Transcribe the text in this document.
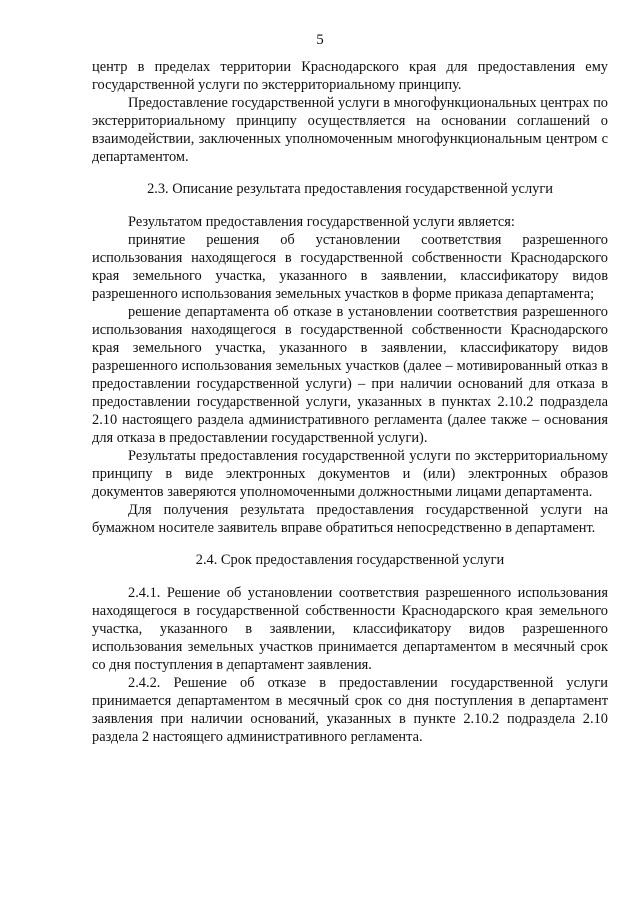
5

центр в пределах территории Краснодарского края для предоставления ему государственной услуги по экстерриториальному принципу.

Предоставление государственной услуги в многофункциональных центрах по экстерриториальному принципу осуществляется на основании соглашений о взаимодействии, заключенных уполномоченным многофункциональным центром с департаментом.

2.3. Описание результата предоставления государственной услуги

Результатом предоставления государственной услуги является:

принятие решения об установлении соответствия разрешенного использования находящегося в государственной собственности Краснодарского края земельного участка, указанного в заявлении, классификатору видов разрешенного использования земельных участков в форме приказа департамента;

решение департамента об отказе в установлении соответствия разрешенного использования находящегося в государственной собственности Краснодарского края земельного участка, указанного в заявлении, классификатору видов разрешенного использования земельных участков (далее – мотивированный отказ в предоставлении государственной услуги) – при наличии оснований для отказа в предоставлении государственной услуги, указанных в пунктах 2.10.2 подраздела 2.10 настоящего раздела административного регламента (далее также – основания для отказа в предоставлении государственной услуги).

Результаты предоставления государственной услуги по экстерриториальному принципу в виде электронных документов и (или) электронных образов документов заверяются уполномоченными должностными лицами департамента.

Для получения результата предоставления государственной услуги на бумажном носителе заявитель вправе обратиться непосредственно в департамент.

2.4. Срок предоставления государственной услуги

2.4.1. Решение об установлении соответствия разрешенного использования находящегося в государственной собственности Краснодарского края земельного участка, указанного в заявлении, классификатору видов разрешенного использования земельных участков принимается департаментом в месячный срок со дня поступления в департамент заявления.

2.4.2. Решение об отказе в предоставлении государственной услуги принимается департаментом в месячный срок со дня поступления в департамент заявления при наличии оснований, указанных в пункте 2.10.2 подраздела 2.10 раздела 2 настоящего административного регламента.
